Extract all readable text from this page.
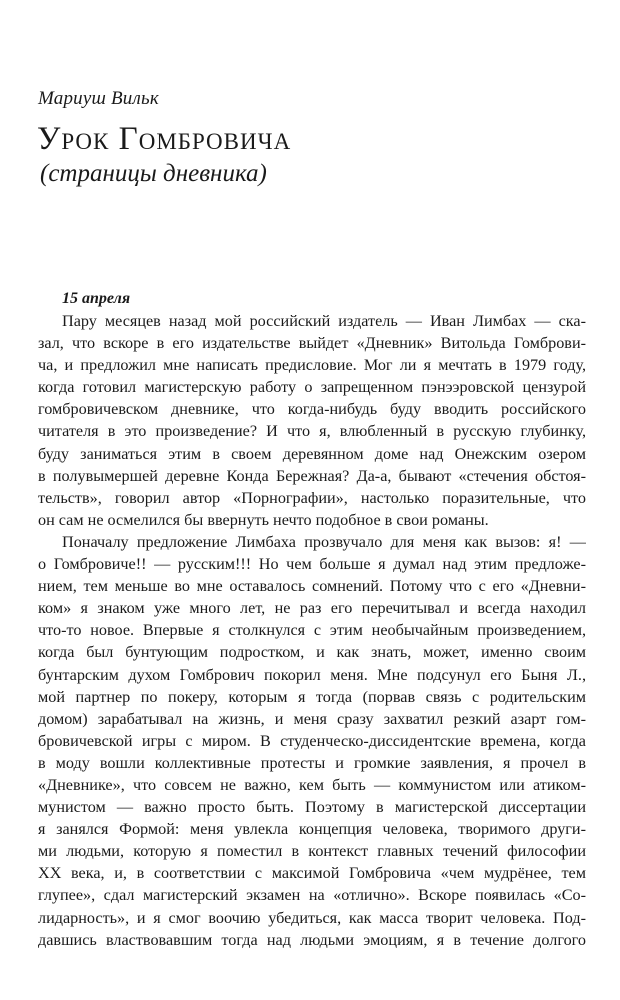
Мариуш Вильк
Урок Гомбровича
(страницы дневника)
15 апреля
Пару месяцев назад мой российский издатель — Иван Лимбах — ска-
зал, что вскоре в его издательстве выйдет «Дневник» Витольда Гомброви-
ча, и предложил мне написать предисловие. Мог ли я мечтать в 1979 году,
когда готовил магистерскую работу о запрещенном пэнээровской цензурой
гомбровичевском дневнике, что когда-нибудь буду вводить российского
читателя в это произведение? И что я, влюбленный в русскую глубинку,
буду заниматься этим в своем деревянном доме над Онежским озером
в полувымершей деревне Конда Бережная? Да-а, бывают «стечения обстоя-
тельств», говорил автор «Порнографии», настолько поразительные, что
он сам не осмелился бы ввернуть нечто подобное в свои романы.
Поначалу предложение Лимбаха прозвучало для меня как вызов: я! —
о Гомбровиче!! — русским!!! Но чем больше я думал над этим предложе-
нием, тем меньше во мне оставалось сомнений. Потому что с его «Дневни-
ком» я знаком уже много лет, не раз его перечитывал и всегда находил
что-то новое. Впервые я столкнулся с этим необычайным произведением,
когда был бунтующим подростком, и как знать, может, именно своим
бунтарским духом Гомбрович покорил меня. Мне подсунул его Быня Л.,
мой партнер по покеру, которым я тогда (порвав связь с родительским
домом) зарабатывал на жизнь, и меня сразу захватил резкий азарт гом-
бровичевской игры с миром. В студенческо-диссидентские времена, когда
в моду вошли коллективные протесты и громкие заявления, я прочел в
«Дневнике», что совсем не важно, кем быть — коммунистом или атиком-
мунистом — важно просто быть. Поэтому в магистерской диссертации
я занялся Формой: меня увлекла концепция человека, творимого други-
ми людьми, которую я поместил в контекст главных течений философии
XX века, и, в соответствии с максимой Гомбровича «чем мудрёнее, тем
глупее», сдал магистерский экзамен на «отлично». Вскоре появилась «Со-
лидарность», и я смог воочию убедиться, как масса творит человека. Под-
давшись властвовавшим тогда над людьми эмоциям, я в течение долгого
